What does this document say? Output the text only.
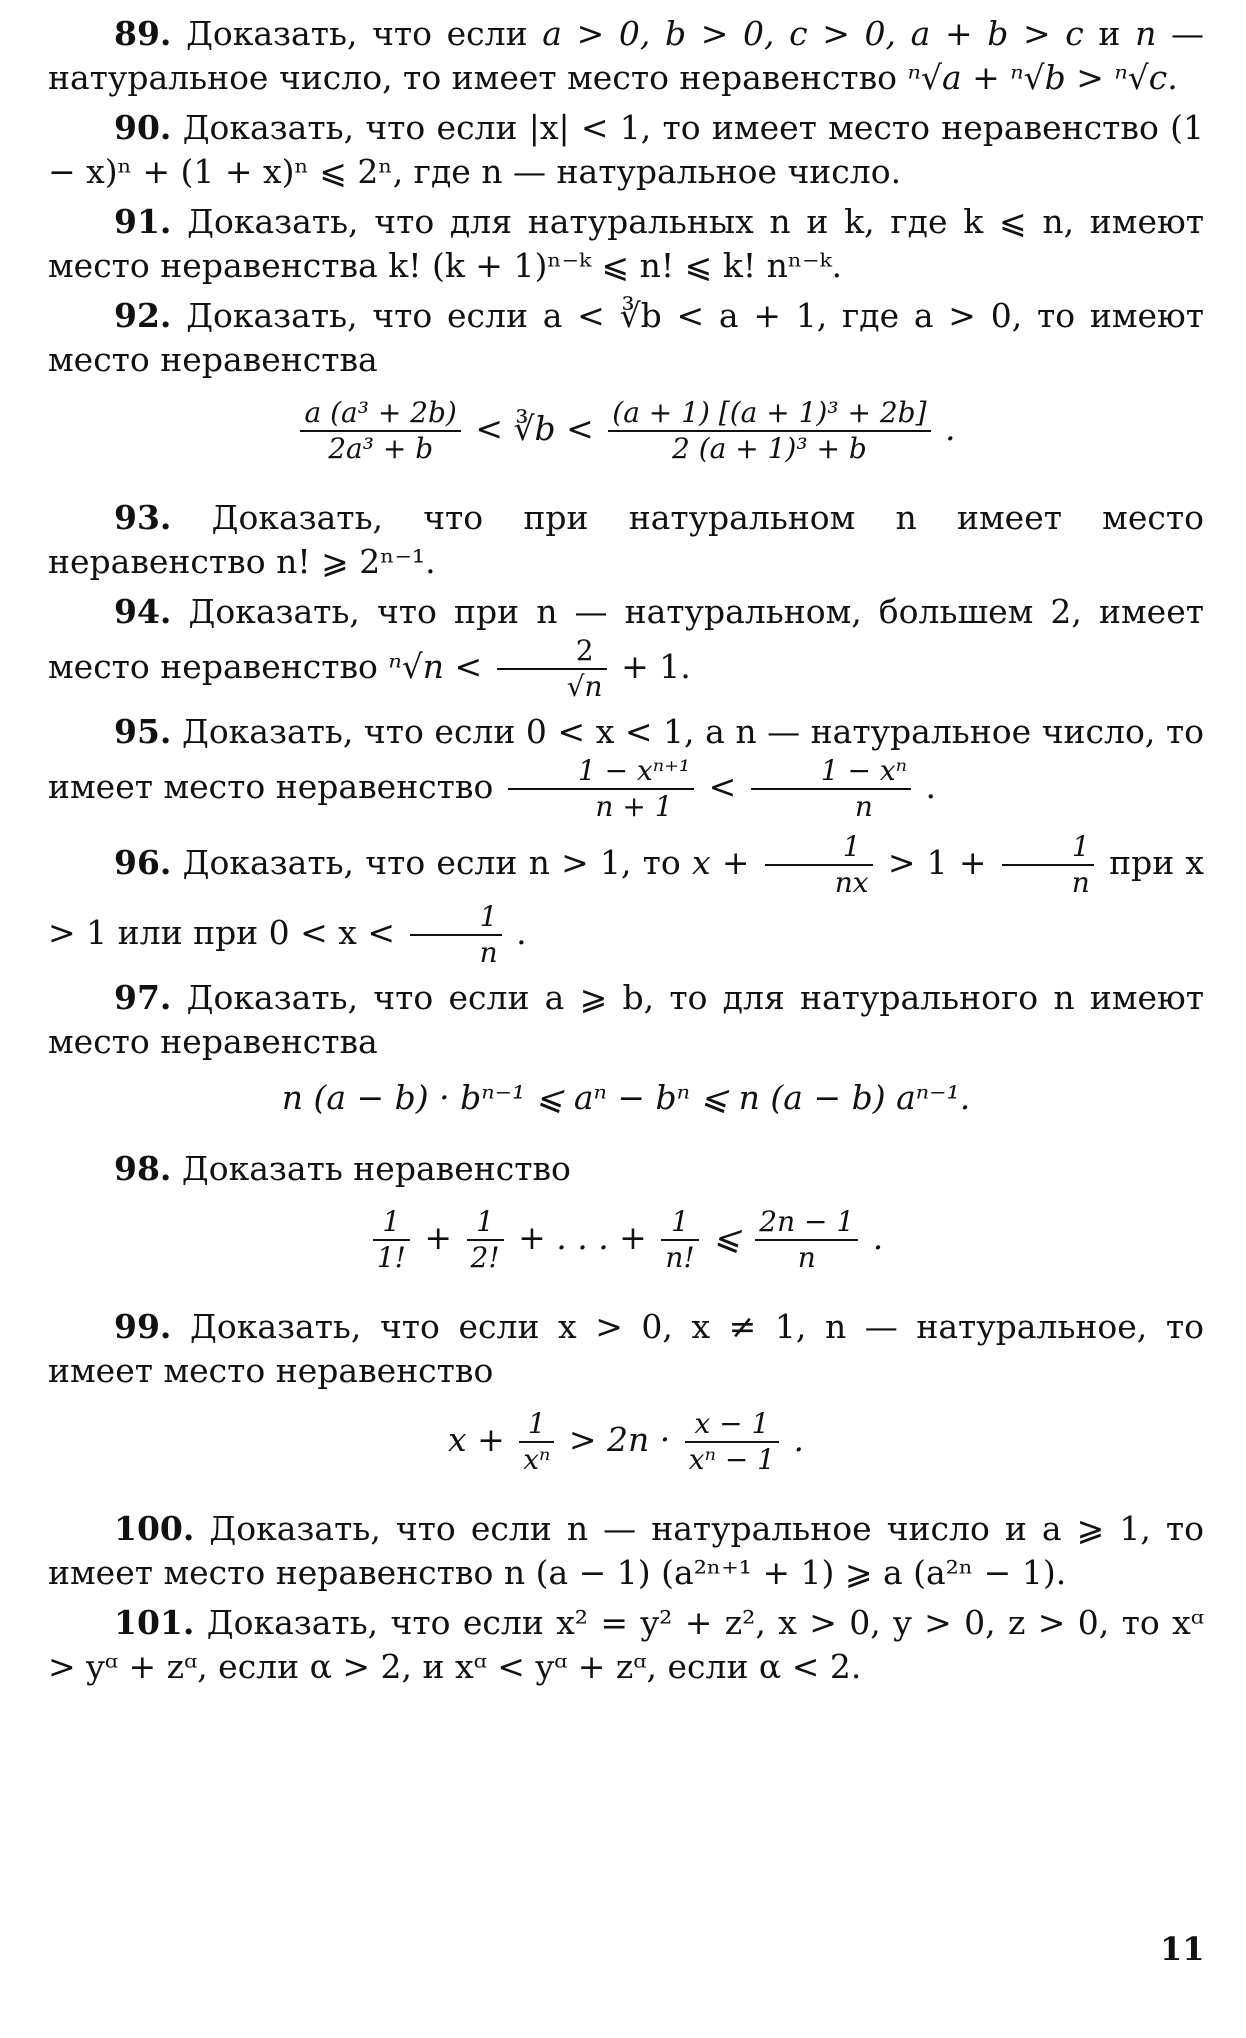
89. Доказать, что если a > 0, b > 0, c > 0, a + b > c и n — натуральное число, то имеет место неравенство ⁿ√a + ⁿ√b > ⁿ√c.

90. Доказать, что если |x| < 1, то имеет место неравенство (1 − x)ⁿ + (1 + x)ⁿ ⩽ 2ⁿ, где n — натуральное число.

91. Доказать, что для натуральных n и k, где k ⩽ n, имеют место неравенства k! (k + 1)ⁿ⁻ᵏ ⩽ n! ⩽ k! nⁿ⁻ᵏ.

92. Доказать, что если a < ∛b < a + 1, где a > 0, то имеют место неравенства

$\frac{\text{a (a³ + 2b)}}{\text{2a³ + b}}$ < ∛b < $\frac{\text{(a + 1) [(a + 1)³ + 2b]}}{\text{2 (a + 1)³ + b}}$ .

93. Доказать, что при натуральном n имеет место неравенство n! ⩾ 2ⁿ⁻¹.

94. Доказать, что при n — натуральном, большем 2, имеет место неравенство $^n√n < \frac{2}{√n} + 1$.

95. Доказать, что если 0 < x < 1, а n — натуральное число, то имеет место неравенство $\frac{\text{1 − xⁿ⁺¹}}{n + 1} < \frac{\text{1 − xⁿ}}{n}$ .

96. Доказать, что если n > 1, то $x + \frac{1}{nx} > 1 + \frac{1}{n}$ при x > 1 или при $0 < x < \frac{1}{n}$ .

97. Доказать, что если a ⩾ b, то для натурального n имеют место неравенства

n (a − b) · bⁿ⁻¹ ⩽ aⁿ − bⁿ ⩽ n (a − b) aⁿ⁻¹.

98. Доказать неравенство

$\frac{1}{1!} + \frac{1}{2!}$ + . . . + $\frac{1}{n!}$ ⩽ $\frac{2n - 1}{n}$ .

99. Доказать, что если x > 0, x ≠ 1, n — натуральное, то имеет место неравенство

$x + \frac{1}{\text{xⁿ}} > 2n \cdot \frac{x - 1}{\text{xⁿ − 1}}$ .

100. Доказать, что если n — натуральное число и a ⩾ 1, то имеет место неравенство n (a − 1) (a²ⁿ⁺¹ + 1) ⩾ a (a²ⁿ − 1).

101. Доказать, что если x² = y² + z², x > 0, y > 0, z > 0, то xᵅ > yᵅ + zᵅ, если α > 2, и xᵅ < yᵅ + zᵅ, если α < 2.

11
